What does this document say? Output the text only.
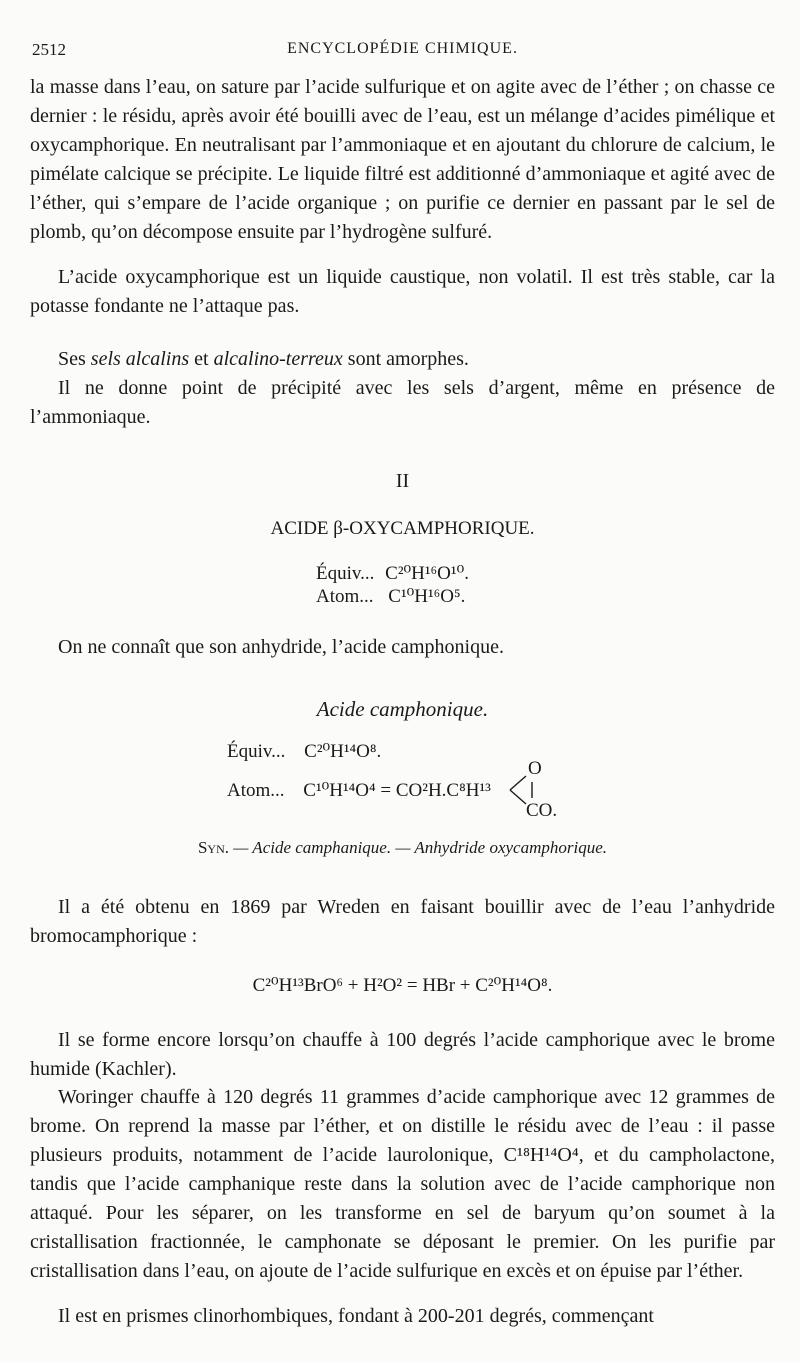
2512	ENCYCLOPÉDIE CHIMIQUE.
la masse dans l’eau, on sature par l’acide sulfurique et on agite avec de l’éther ; on chasse ce dernier : le résidu, après avoir été bouilli avec de l’eau, est un mélange d’acides pimélique et oxycamphorique. En neutralisant par l’ammoniaque et en ajoutant du chlorure de calcium, le pimélate calcique se précipite. Le liquide filtré est additionné d’ammoniaque et agité avec de l’éther, qui s’empare de l’acide organique ; on purifie ce dernier en passant par le sel de plomb, qu’on décompose ensuite par l’hydrogène sulfuré.
L’acide oxycamphorique est un liquide caustique, non volatil. Il est très stable, car la potasse fondante ne l’attaque pas.
Ses sels alcalins et alcalino-terreux sont amorphes.
Il ne donne point de précipité avec les sels d’argent, même en présence de l’ammoniaque.
II
ACIDE β-OXYCAMPHORIQUE.
Équiv... C²⁰H¹⁶O¹⁰.
Atom... C¹⁰H¹⁶O⁵.
On ne connaît que son anhydride, l’acide camphonique.
Acide camphonique.
Équiv... C²⁰H¹⁴O⁸.
Atom... C¹⁰H¹⁴O⁴ = CO²H.C⁸H¹³
O
CO.
Syn. — Acide camphanique. — Anhydride oxycamphorique.
Il a été obtenu en 1869 par Wreden en faisant bouillir avec de l’eau l’anhydride bromocamphorique :
C²⁰H¹³BrO⁶ + H²O² = HBr + C²⁰H¹⁴O⁸.
Il se forme encore lorsqu’on chauffe à 100 degrés l’acide camphorique avec le brome humide (Kachler).
Woringer chauffe à 120 degrés 11 grammes d’acide camphorique avec 12 grammes de brome. On reprend la masse par l’éther, et on distille le résidu avec de l’eau : il passe plusieurs produits, notamment de l’acide laurolonique, C¹⁸H¹⁴O⁴, et du campholactone, tandis que l’acide camphanique reste dans la solution avec de l’acide camphorique non attaqué. Pour les séparer, on les transforme en sel de baryum qu’on soumet à la cristallisation fractionnée, le camphonate se déposant le premier. On les purifie par cristallisation dans l’eau, on ajoute de l’acide sulfurique en excès et on épuise par l’éther.
Il est en prismes clinorhombiques, fondant à 200-201 degrés, commençant
